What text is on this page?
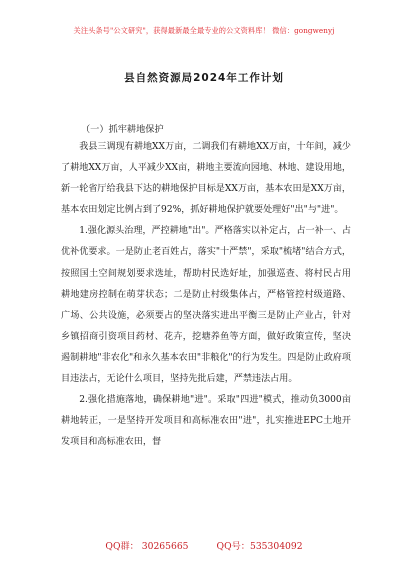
关注头条号"公文研究"，获得最新最全最专业的公文资料库！ 微信：gongwenyj
县自然资源局2024年工作计划
（一）抓牢耕地保护

我县三调现有耕地XX万亩，二调我们有耕地XX万亩，十年间，减少了耕地XX万亩，人平减少XX亩，耕地主要流向园地、林地、建设用地，新一轮省厅给我县下达的耕地保护目标是XX万亩，基本农田是XX万亩，基本农田划定比例占到了92%，抓好耕地保护就要处理好"出"与"进"。

1.强化源头治理，严控耕地"出"。严格落实以补定占，占一补一、占优补优要求。一是防止老百姓占，落实"十严禁"，采取"梳堵"结合方式，按照国土空间规划要求选址，帮助村民选好址，加强巡查、将村民占用耕地建房控制在萌芽状态；二是防止村级集体占，严格管控村级道路、广场、公共设施，必须要占的坚决落实进出平衡三是防止产业占，针对乡镇招商引资项目药材、花卉，挖塘养鱼等方面，做好政策宣传，坚决遏制耕地"非农化"和永久基本农田"非粮化"的行为发生。四是防止政府项目违法占，无论什么项目，坚持先批后建，严禁违法占用。

2.强化措施落地，确保耕地"进"。采取"四进"模式，推动负3000亩耕地转正，一是坚持开发项目和高标准农田"进"，扎实推进EPC土地开发项目和高标准农田，督

QQ群： 30265665	QQ号：535304092
